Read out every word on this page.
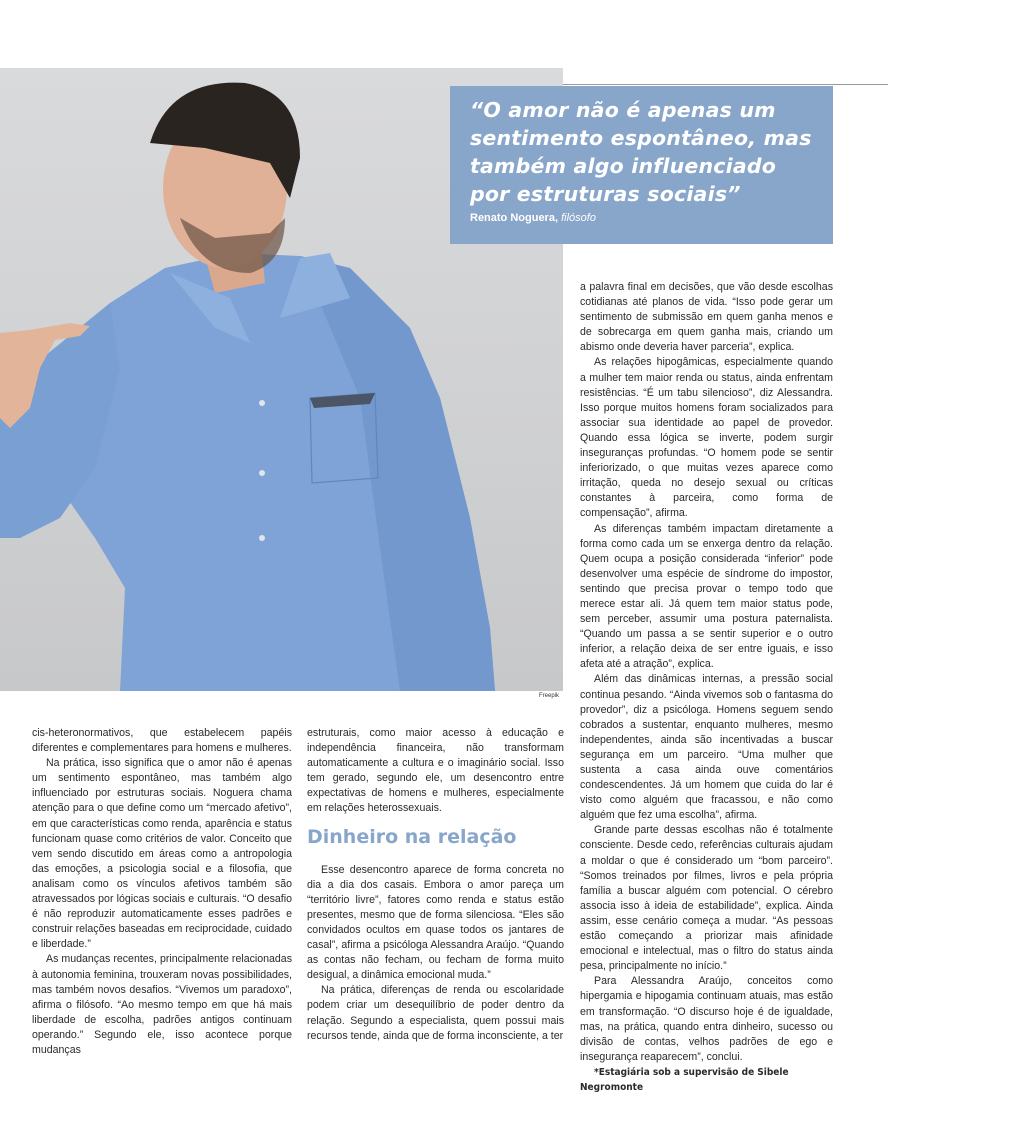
Freepik

“O amor não é apenas um sentimento espontâneo, mas também algo influenciado por estruturas sociais”

Renato Noguera, filósofo

cis-heteronormativos, que estabelecem papéis diferentes e complementares para homens e mulheres.

Na prática, isso significa que o amor não é apenas um sentimento espontâneo, mas também algo influenciado por estruturas sociais. Noguera chama atenção para o que define como um “mercado afetivo”, em que características como renda, aparência e status funcionam quase como critérios de valor. Conceito que vem sendo discutido em áreas como a antropologia das emoções, a psicologia social e a filosofia, que analisam como os vínculos afetivos também são atravessados por lógicas sociais e culturais. “O desafio é não reproduzir automaticamente esses padrões e construir relações baseadas em reciprocidade, cuidado e liberdade.”

As mudanças recentes, principalmente relacionadas à autonomia feminina, trouxeram novas possibilidades, mas também novos desafios. “Vivemos um paradoxo”, afirma o filósofo. “Ao mesmo tempo em que há mais liberdade de escolha, padrões antigos continuam operando.” Segundo ele, isso acontece porque mudanças

estruturais, como maior acesso à educação e independência financeira, não transformam automaticamente a cultura e o imaginário social. Isso tem gerado, segundo ele, um desencontro entre expectativas de homens e mulheres, especialmente em relações heterossexuais.

Dinheiro na relação

Esse desencontro aparece de forma concreta no dia a dia dos casais. Embora o amor pareça um “território livre”, fatores como renda e status estão presentes, mesmo que de forma silenciosa. “Eles são convidados ocultos em quase todos os jantares de casal”, afirma a psicóloga Alessandra Araújo. “Quando as contas não fecham, ou fecham de forma muito desigual, a dinâmica emocional muda.”

Na prática, diferenças de renda ou escolaridade podem criar um desequilíbrio de poder dentro da relação. Segundo a especialista, quem possui mais recursos tende, ainda que de forma inconsciente, a ter

a palavra final em decisões, que vão desde escolhas cotidianas até planos de vida. “Isso pode gerar um sentimento de submissão em quem ganha menos e de sobrecarga em quem ganha mais, criando um abismo onde deveria haver parceria”, explica.

As relações hipogâmicas, especialmente quando a mulher tem maior renda ou status, ainda enfrentam resistências. “É um tabu silencioso”, diz Alessandra. Isso porque muitos homens foram socializados para associar sua identidade ao papel de provedor. Quando essa lógica se inverte, podem surgir inseguranças profundas. “O homem pode se sentir inferiorizado, o que muitas vezes aparece como irritação, queda no desejo sexual ou críticas constantes à parceira, como forma de compensação”, afirma.

As diferenças também impactam diretamente a forma como cada um se enxerga dentro da relação. Quem ocupa a posição considerada “inferior” pode desenvolver uma espécie de síndrome do impostor, sentindo que precisa provar o tempo todo que merece estar ali. Já quem tem maior status pode, sem perceber, assumir uma postura paternalista. “Quando um passa a se sentir superior e o outro inferior, a relação deixa de ser entre iguais, e isso afeta até a atração”, explica.

Além das dinâmicas internas, a pressão social continua pesando. “Ainda vivemos sob o fantasma do provedor”, diz a psicóloga. Homens seguem sendo cobrados a sustentar, enquanto mulheres, mesmo independentes, ainda são incentivadas a buscar segurança em um parceiro. “Uma mulher que sustenta a casa ainda ouve comentários condescendentes. Já um homem que cuida do lar é visto como alguém que fracassou, e não como alguém que fez uma escolha”, afirma.

Grande parte dessas escolhas não é totalmente consciente. Desde cedo, referências culturais ajudam a moldar o que é considerado um “bom parceiro”. “Somos treinados por filmes, livros e pela própria família a buscar alguém com potencial. O cérebro associa isso à ideia de estabilidade”, explica. Ainda assim, esse cenário começa a mudar. “As pessoas estão começando a priorizar mais afinidade emocional e intelectual, mas o filtro do status ainda pesa, principalmente no início.”

Para Alessandra Araújo, conceitos como hipergamia e hipogamia continuam atuais, mas estão em transformação. “O discurso hoje é de igualdade, mas, na prática, quando entra dinheiro, sucesso ou divisão de contas, velhos padrões de ego e insegurança reaparecem”, conclui.

*Estagiária sob a supervisão de Sibele Negromonte
